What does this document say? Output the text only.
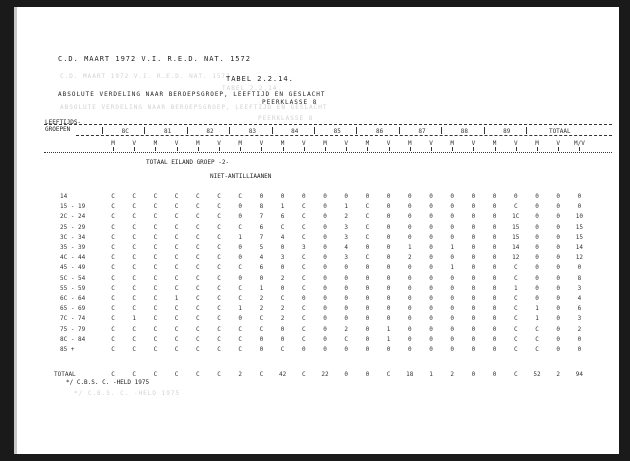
C.D. MAART 1972 V.I. R.E.D. NAT. 1572
TABEL 2.2.14.
ABSOLUTE VERDELING NAAR BEROEPSGROEP, LEEFTIJD EN GESLACHT
PEERKLASSE 8
C.D. MAART 1972 V.I. R.E.D. NAT. 1572
TABEL 2.2.14.
ABSOLUTE VERDELING NAAR BEROEPSGROEP, LEEFTIJD EN GESLACHT
PEERKLASSE 8
LEEFTIJDS-GROEPEN
TOTAAL EILAND GROEP -2-
NIET-ANTILLIAANEN
*/ C.B.S. C. -HELD 1975
*/ C.B.S. C. -HELD 1975
8C	81	82	83	84	85	86	87	88	89	TOTAAL
M	V	M	V	M	V	M	V	M	V	M	V	M	V	M	V	M	V	M	V	M	V	M/V
14	C	C	C	C	C	C	C	0	0	0	0	0	0	0	0	0	0	0	0	0	0	0	0
15 - 19	C	C	C	C	C	C	0	8	1	C	0	1	C	0	0	0	0	0	0	C	0	0	0
2C - 24	C	C	C	C	C	C	0	7	6	C	0	2	C	0	0	0	0	0	0	1C	0	0	10
25 - 29	C	C	C	C	C	C	C	6	C	C	0	3	C	0	0	0	0	0	0	15	0	0	15
3C - 34	C	C	C	C	C	C	1	7	4	C	0	3	C	0	0	0	0	0	0	15	0	0	15
35 - 39	C	C	C	C	C	C	0	5	0	3	0	4	0	0	1	0	1	0	0	14	0	0	14
4C - 44	C	C	C	C	C	C	0	4	3	C	0	3	C	0	2	0	0	0	0	12	0	0	12
45 - 49	C	C	C	C	C	C	C	6	0	C	0	0	0	0	0	0	1	0	0	C	0	0	0
5C - 54	C	C	C	C	C	C	0	0	2	C	0	0	0	0	0	0	0	0	0	C	0	0	8
55 - 59	C	C	C	C	C	C	C	1	0	C	0	0	0	0	0	0	0	0	0	1	0	0	3
6C - 64	C	C	C	1	C	C	C	2	C	0	0	0	0	0	0	0	0	0	0	C	0	0	4
65 - 69	C	C	C	C	C	C	1	2	2	C	0	0	0	0	0	0	0	0	0	C	1	0	6
7C - 74	C	1	C	C	C	C	0	C	2	C	0	0	0	0	0	0	0	0	0	C	1	0	3
75 - 79	C	C	C	C	C	C	C	C	0	C	0	2	0	1	0	0	0	0	0	C	C	0	2
8C - 84	C	C	C	C	C	C	C	0	0	C	0	C	0	1	0	0	0	0	0	C	C	0	0
85 +	C	C	C	C	C	C	C	0	C	0	0	0	0	0	0	0	0	0	0	C	C	0	0
TOTAAL	C	C	C	C	C	C	2	C	42	C	22	0	0	C	18	1	2	0	0	C	52	2	94
